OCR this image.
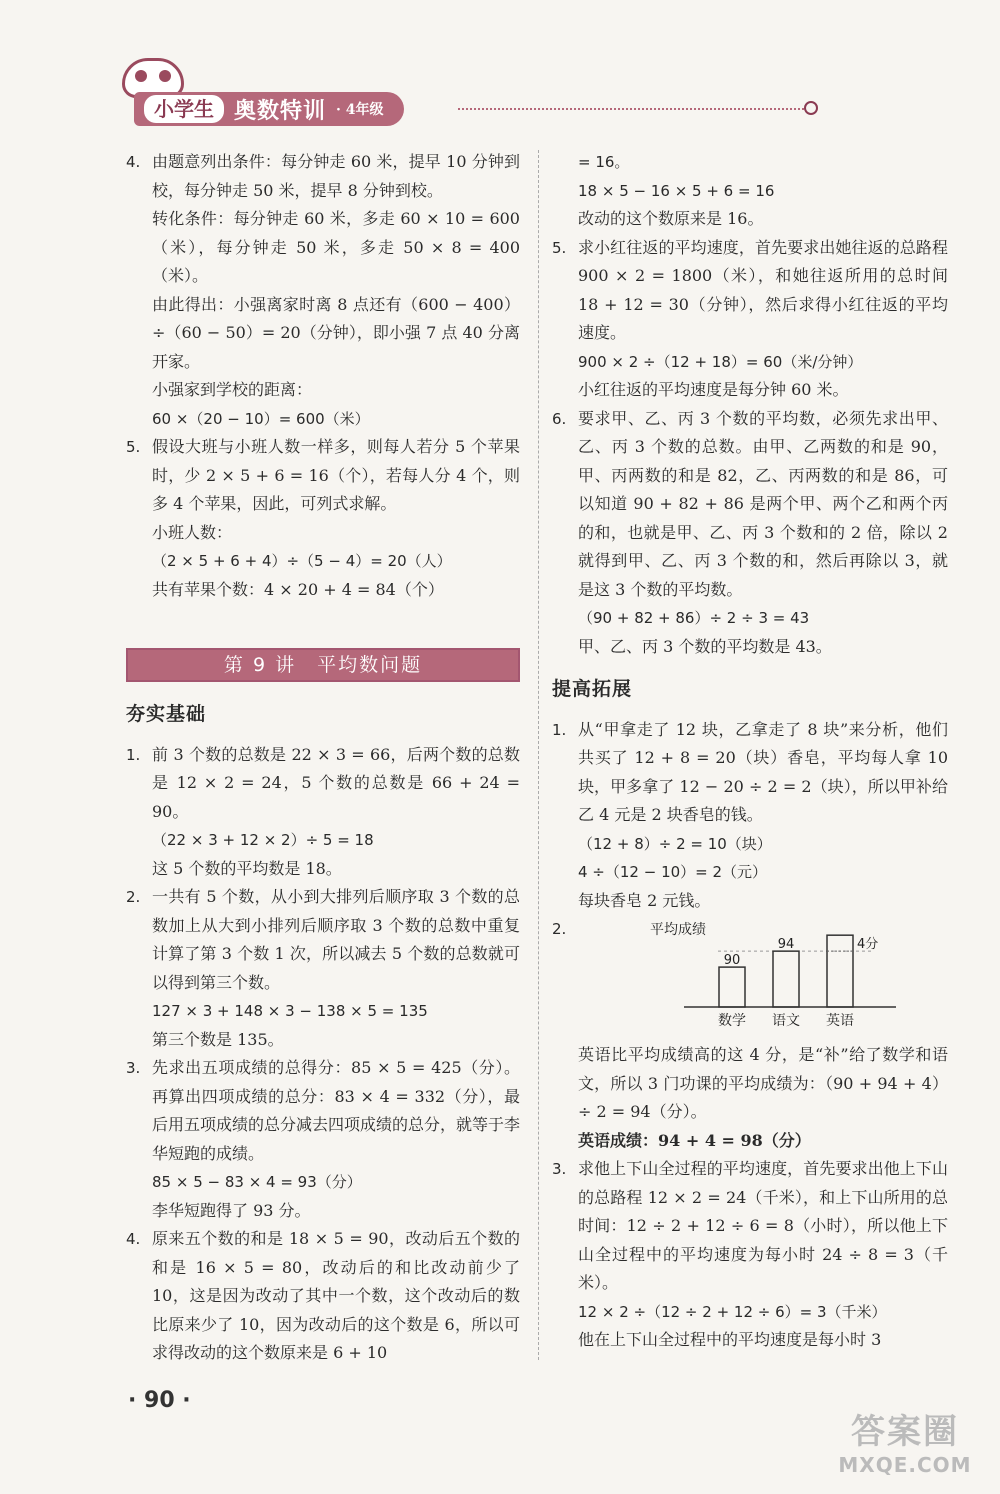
小学生 奥数特训 · 4年级
4. 由题意列出条件：每分钟走 60 米，提早 10 分钟到校，每分钟走 50 米，提早 8 分钟到校。
转化条件：每分钟走 60 米，多走 60 × 10 = 600（米），每分钟走 50 米，多走 50 × 8 = 400（米）。
由此得出：小强离家时离 8 点还有（600 − 400）÷（60 − 50）= 20（分钟），即小强 7 点 40 分离开家。
小强家到学校的距离：
60 ×（20 − 10）= 600（米）
5. 假设大班与小班人数一样多，则每人若分 5 个苹果时，少 2 × 5 + 6 = 16（个），若每人分 4 个，则多 4 个苹果，因此，可列式求解。
小班人数：
（2 × 5 + 6 + 4）÷（5 − 4）= 20（人）
共有苹果个数：4 × 20 + 4 = 84（个）
第 9 讲　平均数问题
夯实基础
1. 前 3 个数的总数是 22 × 3 = 66，后两个数的总数是 12 × 2 = 24，5 个数的总数是 66 + 24 = 90。
（22 × 3 + 12 × 2）÷ 5 = 18
这 5 个数的平均数是 18。
2. 一共有 5 个数，从小到大排列后顺序取 3 个数的总数加上从大到小排列后顺序取 3 个数的总数中重复计算了第 3 个数 1 次，所以减去 5 个数的总数就可以得到第三个数。
127 × 3 + 148 × 3 − 138 × 5 = 135
第三个数是 135。
3. 先求出五项成绩的总得分：85 × 5 = 425（分）。再算出四项成绩的总分：83 × 4 = 332（分），最后用五项成绩的总分减去四项成绩的总分，就等于李华短跑的成绩。
85 × 5 − 83 × 4 = 93（分）
李华短跑得了 93 分。
4. 原来五个数的和是 18 × 5 = 90，改动后五个数的和是 16 × 5 = 80，改动后的和比改动前少了 10，这是因为改动了其中一个数，这个改动后的数比原来少了 10，因为改动后的这个数是 6，所以可求得改动的这个数原来是 6 + 10
= 16。
18 × 5 − 16 × 5 + 6 = 16
改动的这个数原来是 16。
5. 求小红往返的平均速度，首先要求出她往返的总路程 900 × 2 = 1800（米），和她往返所用的总时间 18 + 12 = 30（分钟），然后求得小红往返的平均速度。
900 × 2 ÷（12 + 18）= 60（米/分钟）
小红往返的平均速度是每分钟 60 米。
6. 要求甲、乙、丙 3 个数的平均数，必须先求出甲、乙、丙 3 个数的总数。由甲、乙两数的和是 90，甲、丙两数的和是 82，乙、丙两数的和是 86，可以知道 90 + 82 + 86 是两个甲、两个乙和两个丙的和，也就是甲、乙、丙 3 个数和的 2 倍，除以 2 就得到甲、乙、丙 3 个数的和，然后再除以 3，就是这 3 个数的平均数。
（90 + 82 + 86）÷ 2 ÷ 3 = 43
甲、乙、丙 3 个数的平均数是 43。
提高拓展
1. 从“甲拿走了 12 块，乙拿走了 8 块”来分析，他们共买了 12 + 8 = 20（块）香皂，平均每人拿 10 块，甲多拿了 12 − 20 ÷ 2 = 2（块），所以甲补给乙 4 元是 2 块香皂的钱。
（12 + 8）÷ 2 = 10（块）
4 ÷（12 − 10）= 2（元）
每块香皂 2 元钱。
2.	平均成绩
90
数学
94
语文 英语
4分
英语比平均成绩高的这 4 分，是“补”给了数学和语文，所以 3 门功课的平均成绩为：（90 + 94 + 4）÷ 2 = 94（分）。
英语成绩：94 + 4 = 98（分）
3. 求他上下山全过程的平均速度，首先要求出他上下山的总路程 12 × 2 = 24（千米），和上下山所用的总时间：12 ÷ 2 + 12 ÷ 6 = 8（小时），所以他上下山全过程中的平均速度为每小时 24 ÷ 8 = 3（千米）。
12 × 2 ÷（12 ÷ 2 + 12 ÷ 6）= 3（千米）
他在上下山全过程中的平均速度是每小时 3
· 90 ·
答案圈
MXQE.COM
